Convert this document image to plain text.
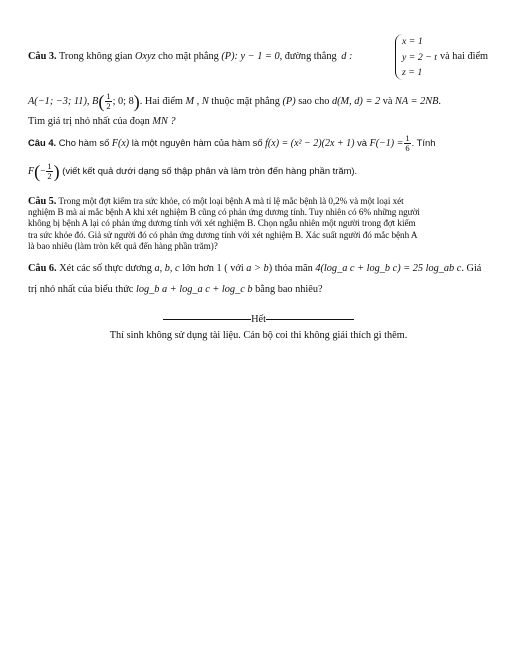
Câu 3. Trong không gian Oxyz cho mặt phẳng (P): y − 1 = 0, đường thẳng d :
x = 1
y = 2 − t
z = 1
và hai điểm
A(−1; −3; 11), $B( \frac{1}{2}$ ; 0; 8). Hai điểm M , N thuộc mặt phẳng (P) sao cho d(M, d) = 2 và NA = 2NB.
Tìm giá trị nhỏ nhất của đoạn MN ?
Câu 4. Cho hàm số F(x) là một nguyên hàm của hàm số f(x) = (x² − 2)(2x + 1) và $F(-1) = \frac{1}{6}$ . Tính
$F(- \frac{1}{2}$ ) (viết kết quả dưới dạng số thập phân và làm tròn đến hàng phần trăm).
Câu 5. Trong một đợt kiểm tra sức khỏe, có một loại bệnh A mà tỉ lệ mắc bệnh là 0,2% và một loại xét
nghiệm B mà ai mắc bệnh A khi xét nghiệm B cũng có phản ứng dương tính. Tuy nhiên có 6% những người
không bị bệnh A lại có phản ứng dương tính với xét nghiệm B. Chọn ngẫu nhiên một người trong đợt kiểm
tra sức khỏe đó. Giả sử người đó có phản ứng dương tính với xét nghiệm B. Xác suất người đó mắc bệnh A
là bao nhiêu (làm tròn kết quả đến hàng phần trăm)?
Câu 6. Xét các số thực dương a, b, c lớn hơn 1 ( với a > b) thỏa mãn 4(log_a c + log_b c) = 25 log_ab c. Giá
trị nhỏ nhất của biểu thức log_b a + log_a c + log_c b bằng bao nhiêu?
Hết
Thí sinh không sử dụng tài liệu. Cán bộ coi thi không giải thích gì thêm.
